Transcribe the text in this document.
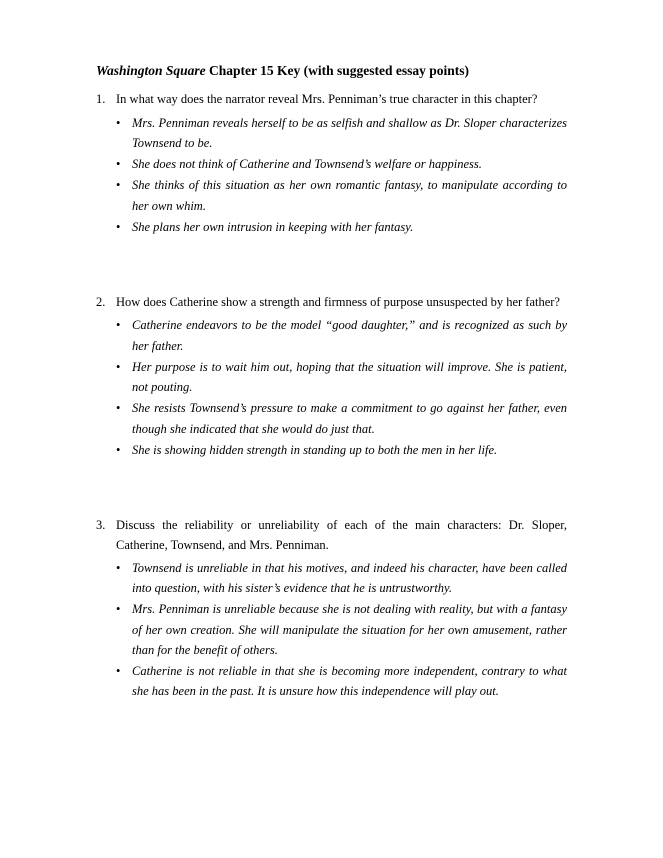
Washington Square Chapter 15 Key (with suggested essay points)
1. In what way does the narrator reveal Mrs. Penniman’s true character in this chapter?
• Mrs. Penniman reveals herself to be as selfish and shallow as Dr. Sloper characterizes Townsend to be.
• She does not think of Catherine and Townsend’s welfare or happiness.
• She thinks of this situation as her own romantic fantasy, to manipulate according to her own whim.
• She plans her own intrusion in keeping with her fantasy.
2. How does Catherine show a strength and firmness of purpose unsuspected by her father?
• Catherine endeavors to be the model “good daughter,” and is recognized as such by her father.
• Her purpose is to wait him out, hoping that the situation will improve. She is patient, not pouting.
• She resists Townsend’s pressure to make a commitment to go against her father, even though she indicated that she would do just that.
• She is showing hidden strength in standing up to both the men in her life.
3. Discuss the reliability or unreliability of each of the main characters: Dr. Sloper, Catherine, Townsend, and Mrs. Penniman.
• Townsend is unreliable in that his motives, and indeed his character, have been called into question, with his sister’s evidence that he is untrustworthy.
• Mrs. Penniman is unreliable because she is not dealing with reality, but with a fantasy of her own creation. She will manipulate the situation for her own amusement, rather than for the benefit of others.
• Catherine is not reliable in that she is becoming more independent, contrary to what she has been in the past. It is unsure how this independence will play out.
